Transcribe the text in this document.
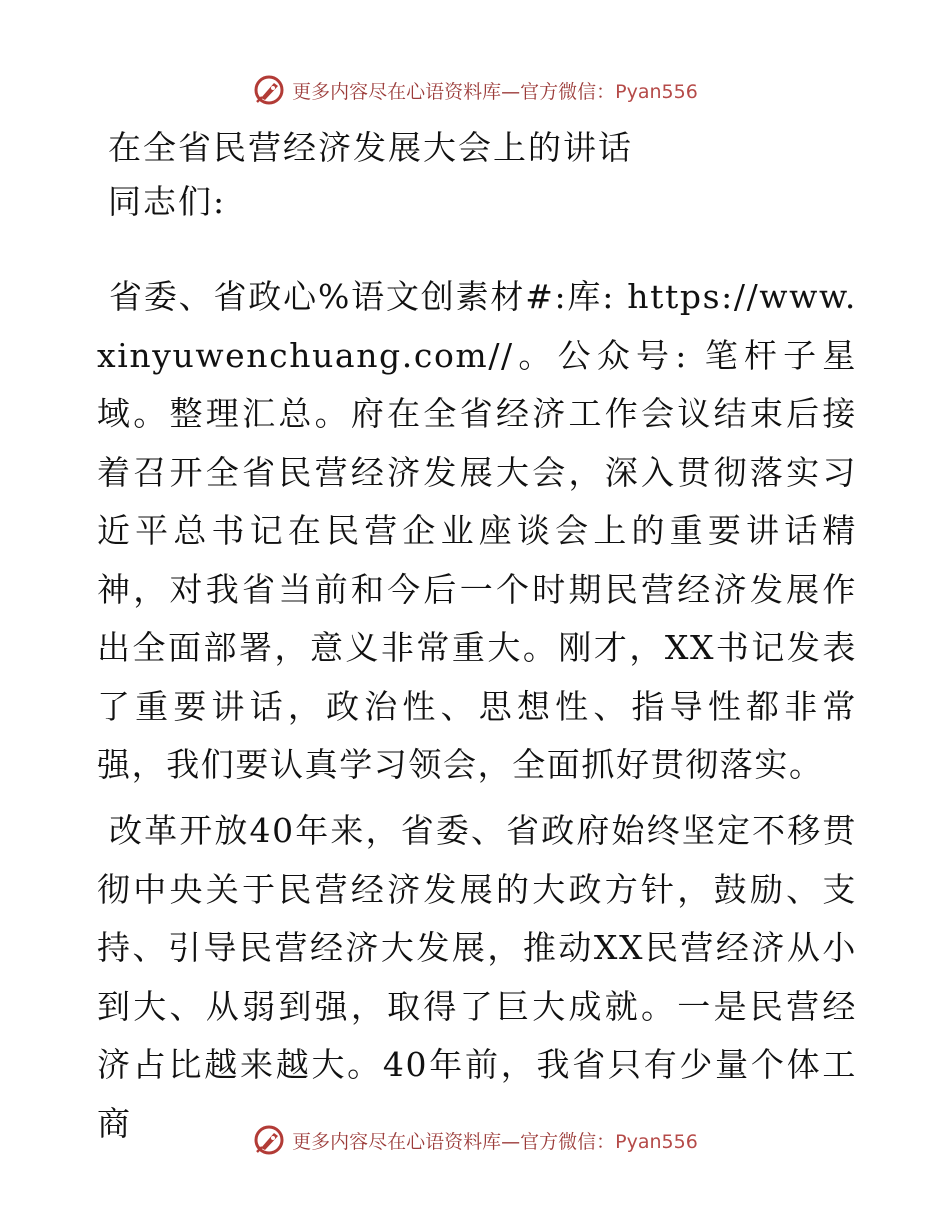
更多内容尽在心语资料库—官方微信：Pyan556
在全省民营经济发展大会上的讲话
同志们:

省委、省政心%语文创素材#:库: https://www.xinyuwenchuang.com//。公众号: 笔杆子星域。整理汇总。府在全省经济工作会议结束后接着召开全省民营经济发展大会，深入贯彻落实习近平总书记在民营企业座谈会上的重要讲话精神，对我省当前和今后一个时期民营经济发展作出全面部署，意义非常重大。刚才，XX书记发表了重要讲话，政治性、思想性、指导性都非常强，我们要认真学习领会，全面抓好贯彻落实。

改革开放40年来，省委、省政府始终坚定不移贯彻中央关于民营经济发展的大政方针，鼓励、支持、引导民营经济大发展，推动XX民营经济从小到大、从弱到强，取得了巨大成就。一是民营经济占比越来越大。40年前，我省只有少量个体工商	更多内容尽在心语资料库—官方微信：Pyan556
